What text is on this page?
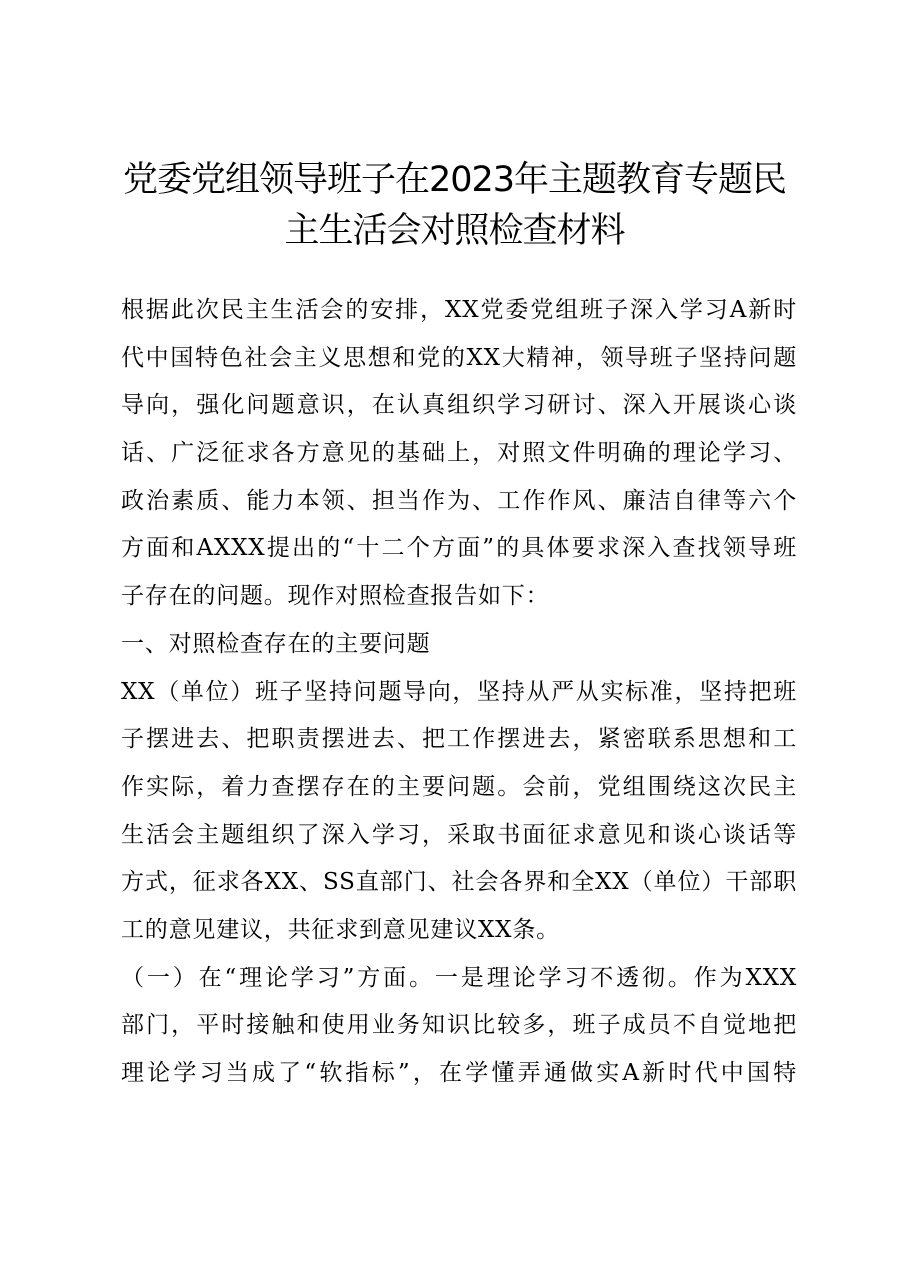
党委党组领导班子在2023年主题教育专题民
主生活会对照检查材料
根据此次民主生活会的安排，XX党委党组班子深入学习A新时
代中国特色社会主义思想和党的XX大精神，领导班子坚持问题
导向，强化问题意识，在认真组织学习研讨、深入开展谈心谈
话、广泛征求各方意见的基础上，对照文件明确的理论学习、
政治素质、能力本领、担当作为、工作作风、廉洁自律等六个
方面和AXXX提出的“十二个方面”的具体要求深入查找领导班
子存在的问题。现作对照检查报告如下：
一、对照检查存在的主要问题
XX（单位）班子坚持问题导向，坚持从严从实标准，坚持把班
子摆进去、把职责摆进去、把工作摆进去，紧密联系思想和工
作实际，着力查摆存在的主要问题。会前，党组围绕这次民主
生活会主题组织了深入学习，采取书面征求意见和谈心谈话等
方式，征求各XX、SS直部门、社会各界和全XX（单位）干部职
工的意见建议，共征求到意见建议XX条。
（一）在“理论学习”方面。一是理论学习不透彻。作为XXX
部门，平时接触和使用业务知识比较多，班子成员不自觉地把
理论学习当成了“软指标”，在学懂弄通做实A新时代中国特
